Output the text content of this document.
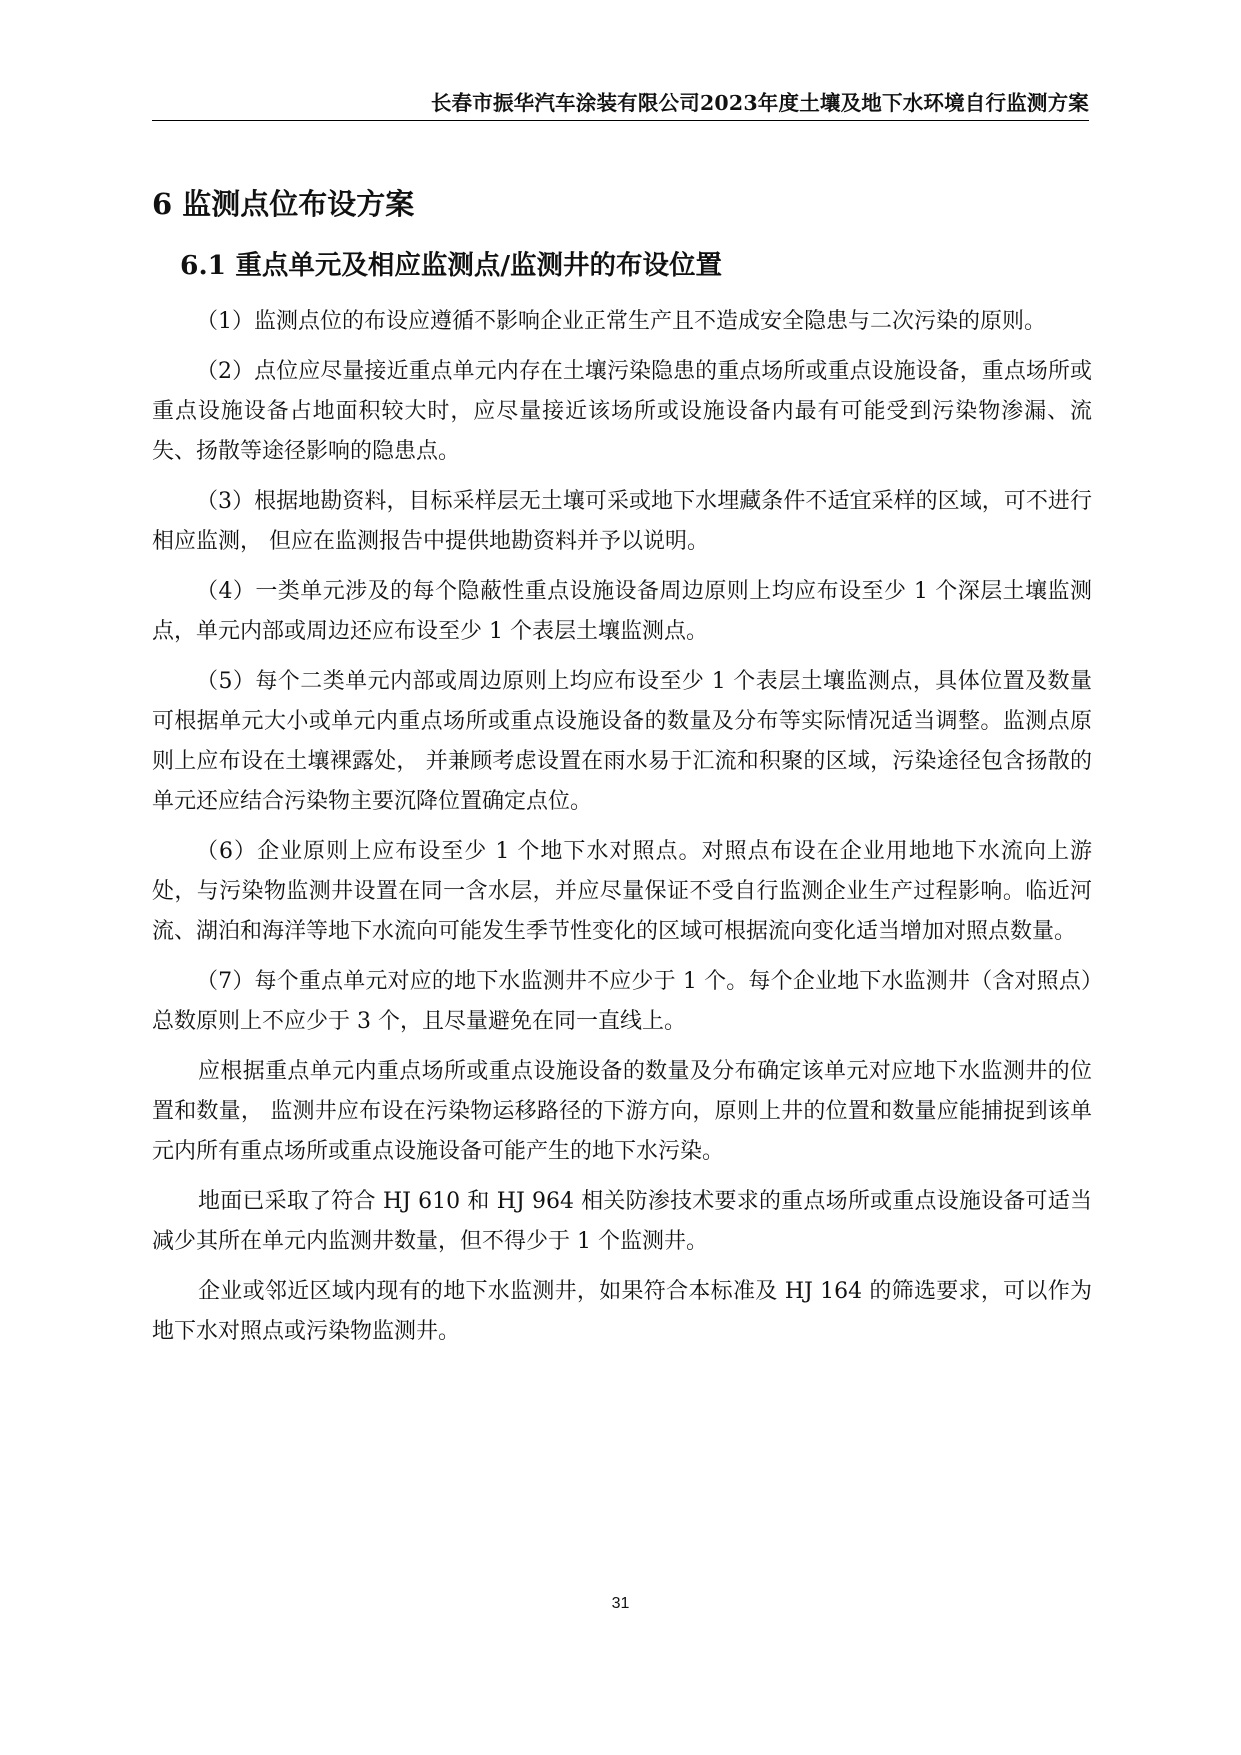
长春市振华汽车涂装有限公司2023年度土壤及地下水环境自行监测方案
6 监测点位布设方案
6.1 重点单元及相应监测点/监测井的布设位置

（1）监测点位的布设应遵循不影响企业正常生产且不造成安全隐患与二次污染的原则。

（2）点位应尽量接近重点单元内存在土壤污染隐患的重点场所或重点设施设备，重点场所或重点设施设备占地面积较大时，应尽量接近该场所或设施设备内最有可能受到污染物渗漏、流失、扬散等途径影响的隐患点。

（3）根据地勘资料，目标采样层无土壤可采或地下水埋藏条件不适宜采样的区域，可不进行相应监测， 但应在监测报告中提供地勘资料并予以说明。

（4）一类单元涉及的每个隐蔽性重点设施设备周边原则上均应布设至少 1 个深层土壤监测点，单元内部或周边还应布设至少 1 个表层土壤监测点。

（5）每个二类单元内部或周边原则上均应布设至少 1 个表层土壤监测点，具体位置及数量可根据单元大小或单元内重点场所或重点设施设备的数量及分布等实际情况适当调整。监测点原则上应布设在土壤裸露处， 并兼顾考虑设置在雨水易于汇流和积聚的区域，污染途径包含扬散的单元还应结合污染物主要沉降位置确定点位。

（6）企业原则上应布设至少 1 个地下水对照点。对照点布设在企业用地地下水流向上游处，与污染物监测井设置在同一含水层，并应尽量保证不受自行监测企业生产过程影响。临近河流、湖泊和海洋等地下水流向可能发生季节性变化的区域可根据流向变化适当增加对照点数量。

（7）每个重点单元对应的地下水监测井不应少于 1 个。每个企业地下水监测井（含对照点）总数原则上不应少于 3 个，且尽量避免在同一直线上。

应根据重点单元内重点场所或重点设施设备的数量及分布确定该单元对应地下水监测井的位置和数量， 监测井应布设在污染物运移路径的下游方向，原则上井的位置和数量应能捕捉到该单元内所有重点场所或重点设施设备可能产生的地下水污染。

地面已采取了符合 HJ 610 和 HJ 964 相关防渗技术要求的重点场所或重点设施设备可适当减少其所在单元内监测井数量，但不得少于 1 个监测井。

企业或邻近区域内现有的地下水监测井，如果符合本标准及 HJ 164 的筛选要求，可以作为地下水对照点或污染物监测井。

31
